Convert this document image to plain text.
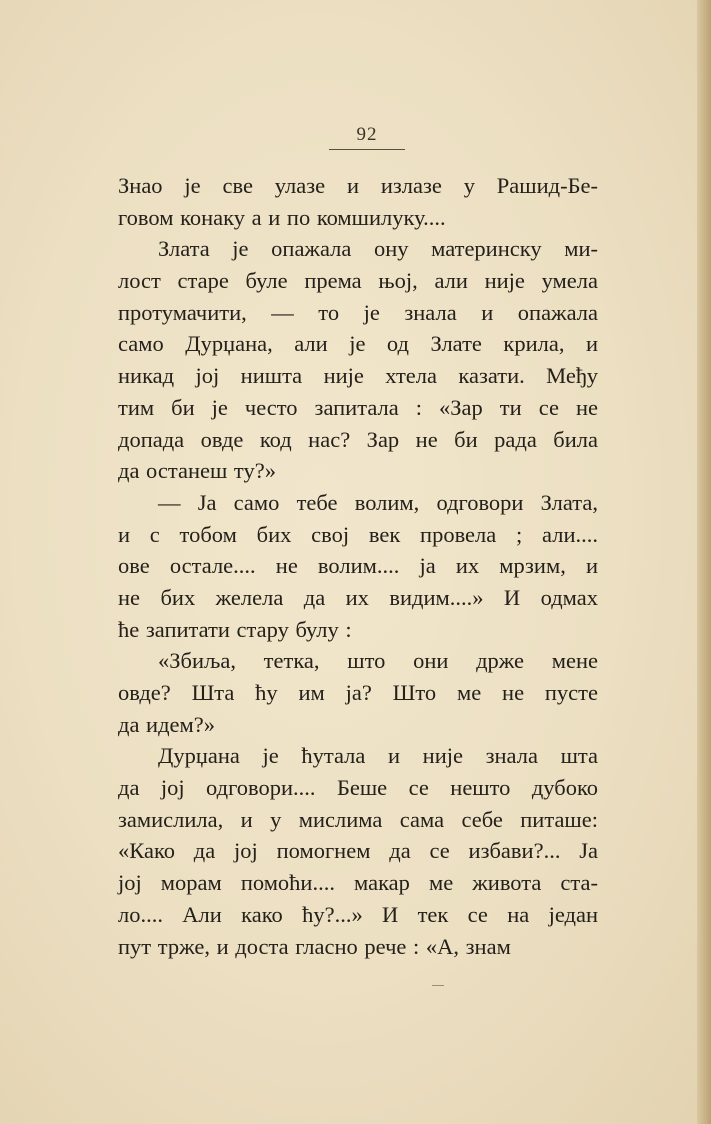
92
Знао је све улазе и излазе у Рашид-Бе-
говом конаку а и по комшилуку....
Злата је опажала ону материнску ми-
лост старе буле према њој, али није умела
протумачити, — то је знала и опажала
само Дурџана, али је од Злате крила, и
никад јој ништа није хтела казати. Међу
тим би је често запитала : «Зар ти се не
допада овде код нас? Зар не би рада била
да останеш ту?»
— Ја само тебе волим, одговори Злата,
и с тобом бих свој век провела ; али....
ове остале.... не волим.... ја их мрзим, и
не бих желела да их видим....» И одмах
ће запитати стару булу :
«Збиља, тетка, што они држе мене
овде? Шта ћу им ја? Што ме не пусте
да идем?»
Дурџана је ћутала и није знала шта
да јој одговори.... Беше се нешто дубоко
замислила, и у мислима сама себе питаше:
«Како да јој помогнем да се избави?... Ја
јој морам помоћи.... макар ме живота ста-
ло.... Али како ћу?...» И тек се на један
пут трже, и доста гласно рече : «А, знам
